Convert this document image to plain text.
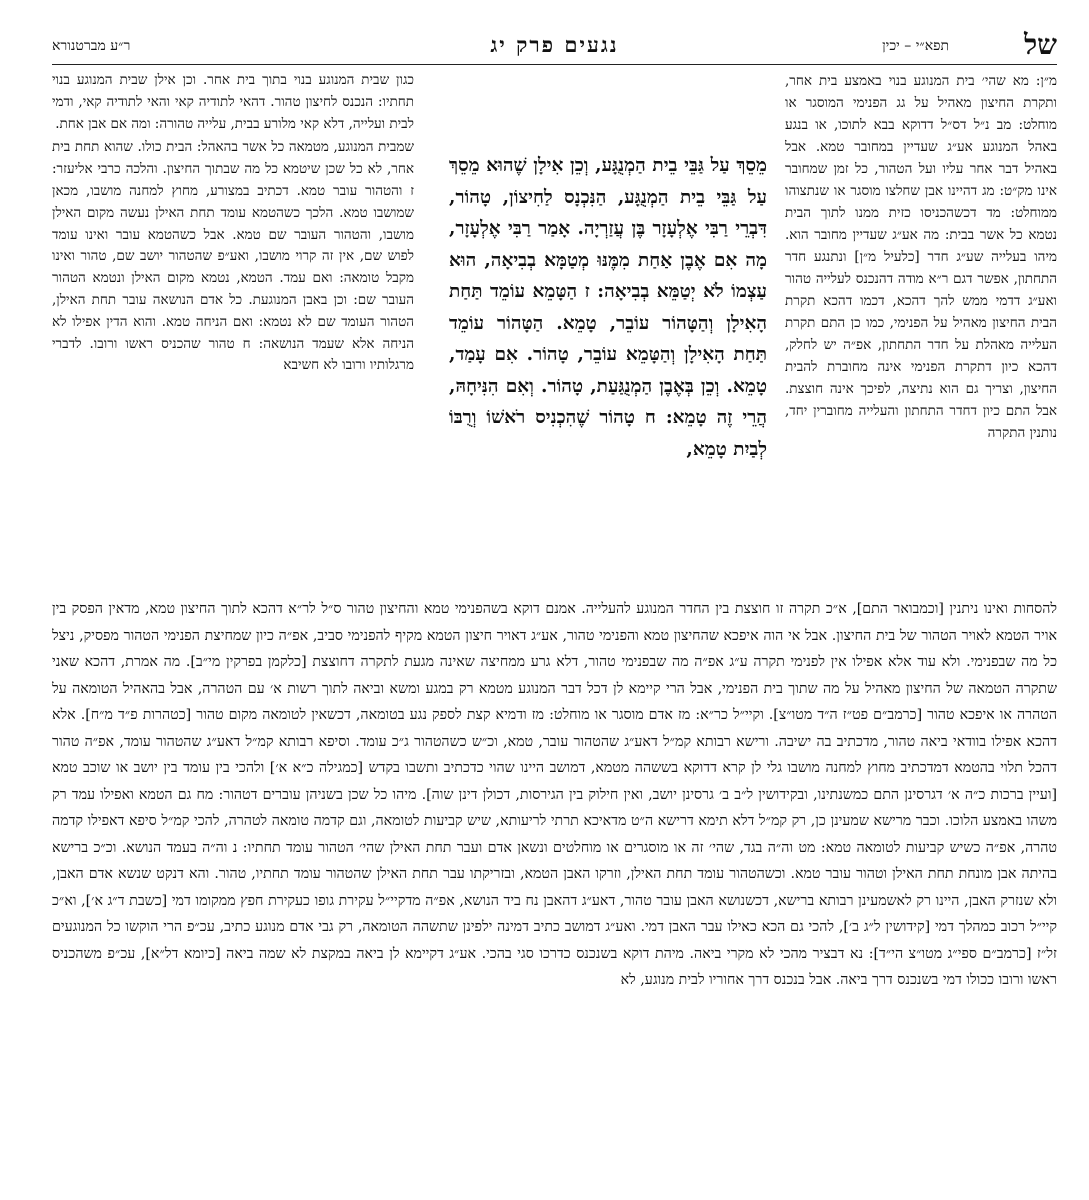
של
תפא״י – יכין
נגעים פרק יג
ר״ע מברטנורא

מ״ן: מא שהי׳ בית המנוגע בנוי באמצע בית אחר, ותקרת החיצון מאהיל על גג הפנימי המוסגר או מוחלט: מב נ״ל דס״ל דדוקא בבא לתוכו, או בנגע באהל המנוגע אע״ג שעדיין במחובר טמא. אבל באהיל דבר אחר עליו ועל הטהור, כל זמן שמחובר אינו מק״ט: מג דהיינו אבן שחלצו מוסגר או שנתצוהו ממוחלט: מד דכשהכניסו כזית ממנו לתוך הבית נטמא כל אשר בבית: מה אע״ג שעדיין מחובר הוא. מיהו בעלייה שע״ג חדר [כלעיל מ״ן] ונתנגע חדר התחתון, אפשר דגם ר״א מודה דהנכנס לעלייה טהור ואע״ג דדמי ממש להך דהכא, דכמו דהכא תקרת הבית החיצון מאהיל על הפנימי, כמו כן התם תקרת העלייה מאהלת על חדר התחתון, אפ״ה יש לחלק, דהכא כיון דתקרת הפנימי אינה מחוברת להבית החיצון, וצריך גם הוא נתיצה, לפיכך אינה חוצצת. אבל התם כיון דחדר התחתון והעלייה מחוברין יחד, נותנין התקרה

מֵסֵךְ עַל גַּבֵּי בֵית הַמְנֻגָּע, וְכֵן אִילָן שֶׁהוּא מֵסֵךְ עַל גַּבֵּי בֵית הַמְנֻגָּע, הַנִּכְנָס לַחִיצוֹן, טָהוֹר, דִּבְרֵי רַבִּי אֶלְעָזָר בֶּן עֲזַרְיָה. אָמַר רַבִּי אֶלְעָזָר, מָה אִם אֶבֶן אַחַת מִמֶּנּוּ מְטַמָּא בְבִיאָה, הוּא עַצְמוֹ לֹא יְטַמֵּא בְבִיאָה: ז הַטָּמֵא עוֹמֵד תַּחַת הָאִילָן וְהַטָּהוֹר עוֹבֵר, טָמֵא. הַטָּהוֹר עוֹמֵד תַּחַת הָאִילָן וְהַטָּמֵא עוֹבֵר, טָהוֹר. אִם עָמַד, טָמֵא. וְכֵן בְּאֶבֶן הַמְנֻגַּעַת, טָהוֹר. וְאִם הִנִּיחָהּ, הֲרֵי זֶה טָמֵא: ח טָהוֹר שֶׁהִכְנִיס רֹאשׁוֹ וְרֻבּוֹ לְבַיִת טָמֵא,

כגון שבית המנוגע בנוי בתוך בית אחר. וכן אילן שבית המנוגע בנוי תחתיו: הנכנס לחיצון טהור. דהאי לתודיה קאי והאי לתודיה קאי, ודמי לבית ועלייה, דלא קאי מלורע בבית, עלייה טהורה: ומה אם אבן אחת.

שמבית המנוגע, מטמאה כל אשר בהאהל: הבית כולו. שהוא תחת בית אחר, לא כל שכן שיטמא כל מה שבתוך החיצון. והלכה כרבי אליעזר: ז והטהור עובר טמא. דכתיב במצורע, מחוץ למחנה מושבו, מכאן שמושבו טמא. הלכך כשהטמא עומד תחת האילן נעשה מקום האילן מושבו, והטהור העובר שם טמא. אבל כשהטמא עובר ואינו עומד לפוש שם, אין זה קרוי מושבו, ואע״פ שהטהור יושב שם, טהור ואינו מקבל טומאה: ואם עמד. הטמא, נטמא מקום האילן ונטמא הטהור העובר שם: וכן באבן המנוגעת. כל אדם הנושאה עובר תחת האילן, הטהור העומד שם לא נטמא: ואם הניחה טמא. והוא הדין אפילו לא הניחה אלא שעמד הנושאה: ח טהור שהכניס ראשו ורובו. לדברי מרגלותיו ורובו לא חשיבא

להסחות ואינו ניתנין [וכמבואר התם], א״כ תקרה זו חוצצת בין החדר המנוגע להעלייה. אמנם דוקא בשהפנימי טמא והחיצון טהור ס״ל לר״א דהכא לתוך החיצון טמא, מדאין הפסק בין אויר הטמא לאויר הטהור של בית החיצון. אבל אי הוה איפכא שהחיצון טמא והפנימי טהור, אע״ג דאויר חיצון הטמא מקיף להפנימי סביב, אפ״ה כיון שמחיצת הפנימי הטהור מפסיק, ניצל כל מה שבפנימי. ולא עוד אלא אפילו אין לפנימי תקרה ע״ג אפ״ה מה שבפנימי טהור, דלא גרע ממחיצה שאינה מגעת לתקרה דחוצצת [כלקמן בפרקין מי״ב]. מה אמרת, דהכא שאני שתקרה הטמאה של החיצון מאהיל על מה שתוך בית הפנימי, אבל הרי קיימא לן דכל דבר המנוגע מטמא רק במגע ומשא וביאה לתוך רשות א׳ עם הטהרה, אבל בהאהיל הטומאה על הטהרה או איפכא טהור [כרמב״ם פט״ז ה״ד מטו״צ]. וקיי״ל כר״א: מז אדם מוסגר או מוחלט: מז ודמיא קצת לספק נגע בטומאה, דכשאין לטומאה מקום טהור [כטהרות פ״ד מ״ח]. אלא דהכא אפילו בוודאי ביאה טהור, מדכתיב בה ישיבה. ורישא רבותא קמ״ל דאע״ג שהטהור עובר, טמא, וכ״ש כשהטהור ג״כ עומד. וסיפא רבותא קמ״ל דאע״ג שהטהור עומד, אפ״ה טהור דהכל תלוי בהטמא דמדכתיב מחוץ למחנה מושבו גלי לן קרא דדוקא בששהה מטמא, דמושב היינו שהוי כדכתיב ותשבו בקדש [כמגילה כ״א א׳] ולהכי בין עומד בין יושב או שוכב טמא [ועיין ברכות כ״ה א׳ דגרסינן התם כמשנתינו, ובקידושין ל״ב ב׳ גרסינן יושב, ואין חילוק בין הגירסות, דכולן דינן שוה]. מיהו כל שכן בשניהן עוברים דטהור: מח גם הטמא ואפילו עמד רק משהו באמצע הלוכו. וכבר מרישא שמעינן כן, רק קמ״ל דלא תימא דרישא ה״ט מדאיכא תרתי לריעותא, שיש קביעות לטומאה, וגם קדמה טומאה לטהרה, להכי קמ״ל סיפא דאפילו קדמה טהרה, אפ״ה כשיש קביעות לטומאה טמא: מט וה״ה בגד, שהי׳ זה או מוסגרים או מוחלטים ונשאן אדם ועבר תחת האילן שהי׳ הטהור עומד תחתיו: נ וה״ה בעמד הנושא. וכ״כ ברישא בהיתה אבן מונחת תחת האילן וטהור עובר טמא. וכשהטהור עומד תחת האילן, וזרקו האבן הטמא, ובזריקתו עבר תחת האילן שהטהור עומד תחתיו, טהור. והא דנקט שנשא אדם האבן, ולא שנזרק האבן, היינו רק לאשמעינן רבותא ברישא, דכשנושא האבן עובר טהור, דאע״ג דהאבן נח ביד הנושא, אפ״ה מדקיי״ל עקירת גופו כעקירת חפץ ממקומו דמי [כשבת ד״ג א׳], וא״כ קיי״ל רכוב כמהלך דמי [קידושין ל״ג ב׳], להכי גם הכא כאילו עבר האבן דמי. ואע״ג דמושב כתיב דמינה ילפינן שתשהה הטומאה, רק גבי אדם מנוגע כתיב, עכ״פ הרי הוקשו כל המנוגעים זל״ז [כרמב״ם ספי״ג מטו״צ הי״ד]: נא דבציר מהכי לא מקרי ביאה. מיהת דוקא בשנכנס כדרכו סגי בהכי. אע״ג דקיימא לן ביאה במקצת לא שמה ביאה [כיומא דל״א], עכ״פ משהכניס ראשו ורובו ככולו דמי בשנכנס דרך ביאה. אבל בנכנס דרך אחוריו לבית מנוגע, לא
